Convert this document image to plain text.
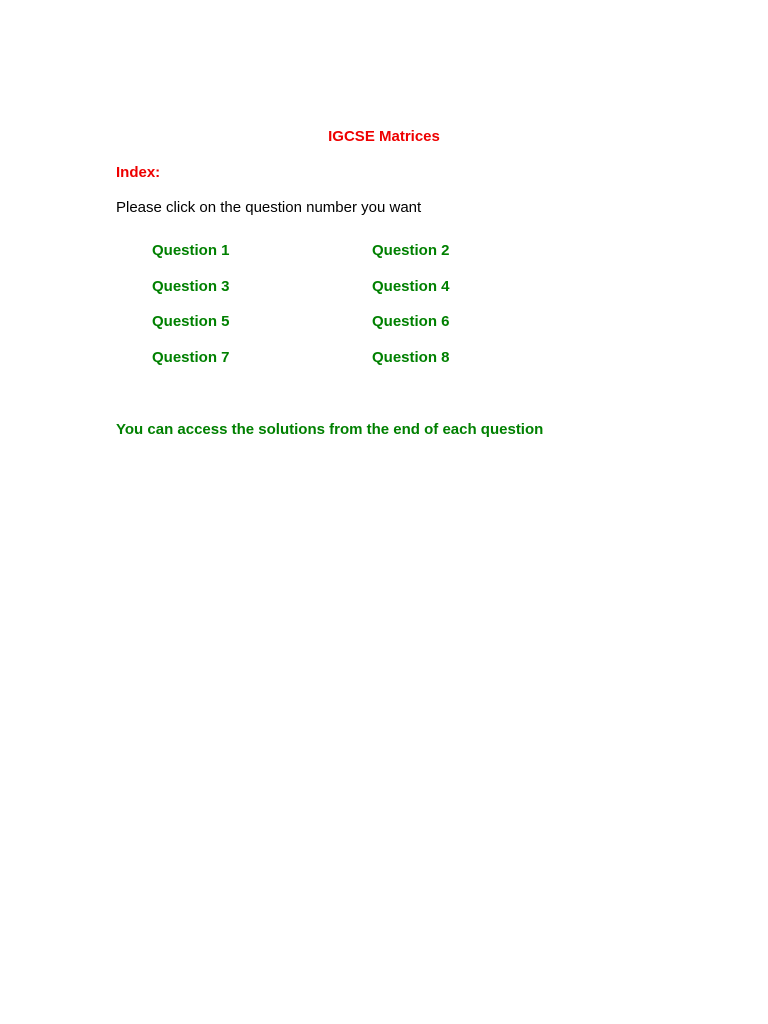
IGCSE Matrices
Index:
Please click on the question number you want
Question 1	Question 2
Question 3	Question 4
Question 5	Question 6
Question 7	Question 8
You can access the solutions from the end of each question
